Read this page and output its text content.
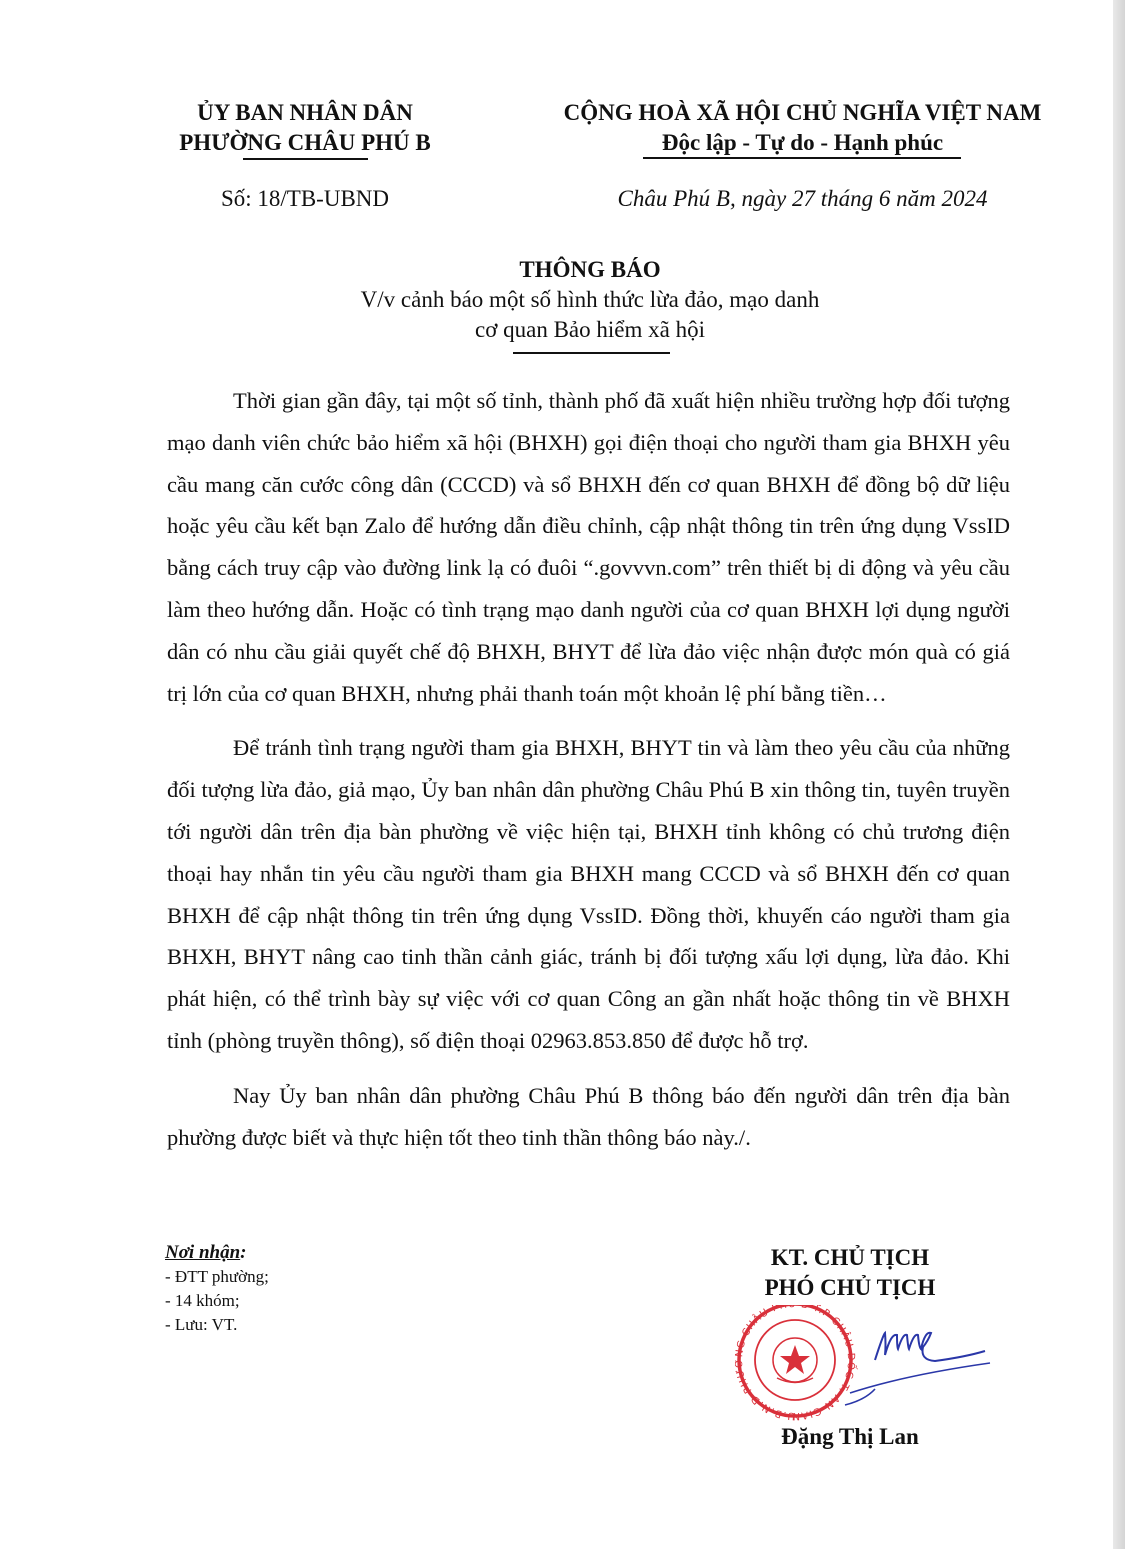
ỦY BAN NHÂN DÂN
PHƯỜNG CHÂU PHÚ B
CỘNG HOÀ XÃ HỘI CHỦ NGHĨA VIỆT NAM
Độc lập - Tự do - Hạnh phúc
Số: 18/TB-UBND	Châu Phú B, ngày 27 tháng 6 năm 2024
THÔNG BÁO
V/v cảnh báo một số hình thức lừa đảo, mạo danh
cơ quan Bảo hiểm xã hội

Thời gian gần đây, tại một số tỉnh, thành phố đã xuất hiện nhiều trường hợp đối tượng mạo danh viên chức bảo hiểm xã hội (BHXH) gọi điện thoại cho người tham gia BHXH yêu cầu mang căn cước công dân (CCCD) và sổ BHXH đến cơ quan BHXH để đồng bộ dữ liệu hoặc yêu cầu kết bạn Zalo để hướng dẫn điều chỉnh, cập nhật thông tin trên ứng dụng VssID bằng cách truy cập vào đường link lạ có đuôi “.govvvn.com” trên thiết bị di động và yêu cầu làm theo hướng dẫn. Hoặc có tình trạng mạo danh người của cơ quan BHXH lợi dụng người dân có nhu cầu giải quyết chế độ BHXH, BHYT để lừa đảo việc nhận được món quà có giá trị lớn của cơ quan BHXH, nhưng phải thanh toán một khoản lệ phí bằng tiền…

Để tránh tình trạng người tham gia BHXH, BHYT tin và làm theo yêu cầu của những đối tượng lừa đảo, giả mạo, Ủy ban nhân dân phường Châu Phú B xin thông tin, tuyên truyền tới người dân trên địa bàn phường về việc hiện tại, BHXH tỉnh không có chủ trương điện thoại hay nhắn tin yêu cầu người tham gia BHXH mang CCCD và sổ BHXH đến cơ quan BHXH để cập nhật thông tin trên ứng dụng VssID. Đồng thời, khuyến cáo người tham gia BHXH, BHYT nâng cao tinh thần cảnh giác, tránh bị đối tượng xấu lợi dụng, lừa đảo. Khi phát hiện, có thể trình bày sự việc với cơ quan Công an gần nhất hoặc thông tin về BHXH tỉnh (phòng truyền thông), số điện thoại 02963.853.850 để được hỗ trợ.

Nay Ủy ban nhân dân phường Châu Phú B thông báo đến người dân trên địa bàn phường được biết và thực hiện tốt theo tinh thần thông báo này./.

Nơi nhận:
- ĐTT phường;
- 14 khóm;
- Lưu: VT.
KT. CHỦ TỊCH
PHÓ CHỦ TỊCH
U.B.N.D PHƯỜNG CHÂU PH B T.P CHÂU ĐỐC T. AN GIAN
Đặng Thị Lan
